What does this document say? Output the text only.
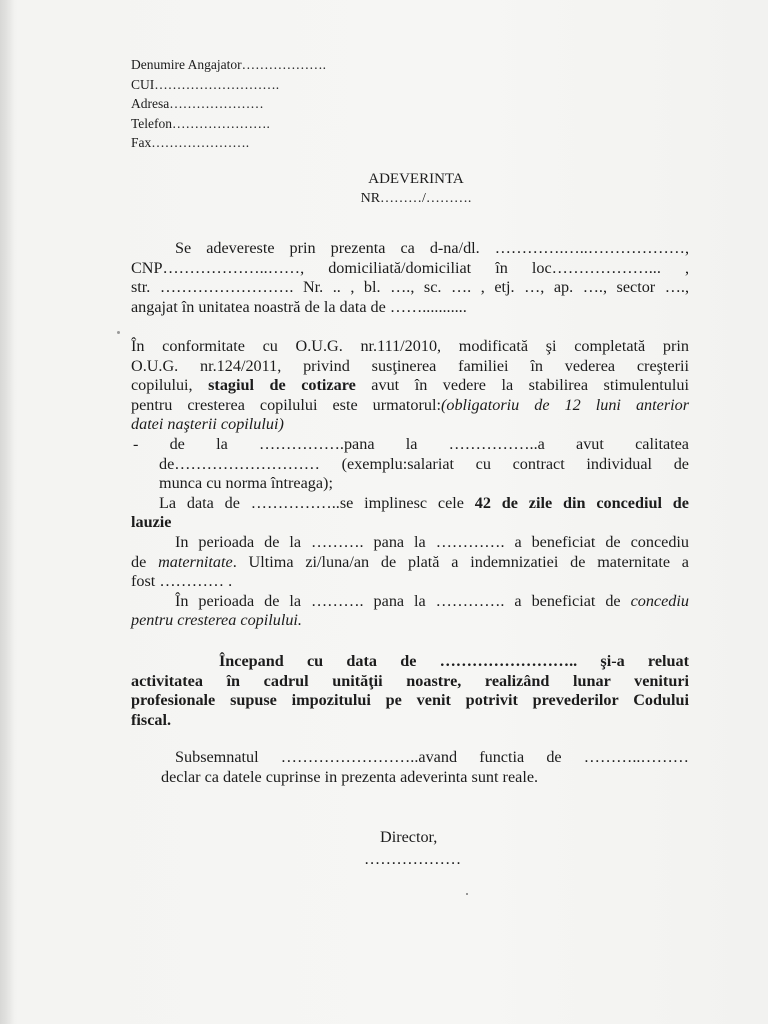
Denumire Angajator……………….
CUI……………………….
Adresa…………………
Telefon………………….
Fax………………….
ADEVERINTA
NR………/……….
Se adevereste prin prezenta ca d-na/dl. ………….…..………………,
CNP………………..……, domiciliată/domiciliat în loc………………... ,
str. ……………………. Nr. .. , bl. …., sc. …. , etj. …, ap. …., sector ….,
angajat în unitatea noastră de la data de ……...........
În conformitate cu O.U.G. nr.111/2010, modificată şi completată prin
O.U.G. nr.124/2011, privind susţinerea familiei în vederea creşterii
copilului, stagiul de cotizare avut în vedere la stabilirea stimulentului
pentru cresterea copilului este urmatorul:(obligatoriu de 12 luni anterior
datei naşterii copilului)
- de la …………….pana la ……………..a avut calitatea
de……………………… (exemplu:salariat cu contract individual de
munca cu norma întreaga);
La data de ……………..se implinesc cele 42 de zile din concediul de
lauzie
In perioada de la ………. pana la …………. a beneficiat de concediu
de maternitate. Ultima zi/luna/an de plată a indemnizatiei de maternitate a
fost ………… .
În perioada de la ………. pana la …………. a beneficiat de concediu
pentru cresterea copilului.
Începand cu data de …………………….. şi-a reluat
activitatea în cadrul unităţii noastre, realizând lunar venituri
profesionale supuse impozitului pe venit potrivit prevederilor Codului
fiscal.
Subsemnatul ……………………..avand functia de ………..………
declar ca datele cuprinse in prezenta adeverinta sunt reale.
Director,
………………
